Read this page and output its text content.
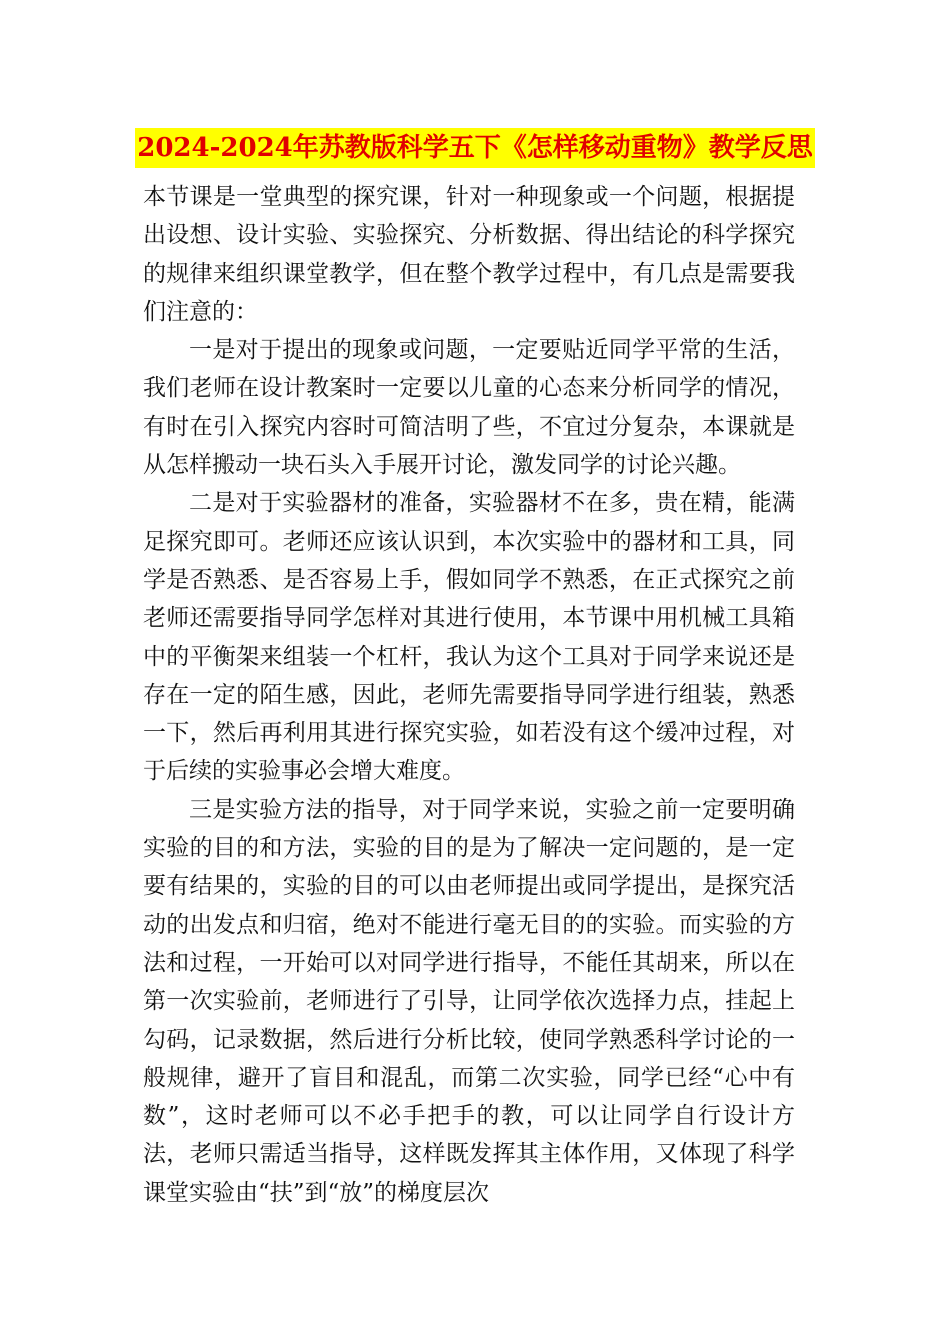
2024-2024年苏教版科学五下《怎样移动重物》教学反思

本节课是一堂典型的探究课，针对一种现象或一个问题，根据提出设想、设计实验、实验探究、分析数据、得出结论的科学探究的规律来组织课堂教学，但在整个教学过程中，有几点是需要我们注意的：

一是对于提出的现象或问题，一定要贴近同学平常的生活，我们老师在设计教案时一定要以儿童的心态来分析同学的情况，有时在引入探究内容时可简洁明了些，不宜过分复杂，本课就是从怎样搬动一块石头入手展开讨论，激发同学的讨论兴趣。

二是对于实验器材的准备，实验器材不在多，贵在精，能满足探究即可。老师还应该认识到，本次实验中的器材和工具，同学是否熟悉、是否容易上手，假如同学不熟悉，在正式探究之前老师还需要指导同学怎样对其进行使用，本节课中用机械工具箱中的平衡架来组装一个杠杆，我认为这个工具对于同学来说还是存在一定的陌生感，因此，老师先需要指导同学进行组装，熟悉一下，然后再利用其进行探究实验，如若没有这个缓冲过程，对于后续的实验事必会增大难度。

三是实验方法的指导，对于同学来说，实验之前一定要明确实验的目的和方法，实验的目的是为了解决一定问题的，是一定要有结果的，实验的目的可以由老师提出或同学提出，是探究活动的出发点和归宿，绝对不能进行毫无目的的实验。而实验的方法和过程，一开始可以对同学进行指导，不能任其胡来，所以在第一次实验前，老师进行了引导，让同学依次选择力点，挂起上勾码，记录数据，然后进行分析比较，使同学熟悉科学讨论的一般规律，避开了盲目和混乱，而第二次实验，同学已经“心中有数”，这时老师可以不必手把手的教，可以让同学自行设计方法，老师只需适当指导，这样既发挥其主体作用，又体现了科学课堂实验由“扶”到“放”的梯度层次
